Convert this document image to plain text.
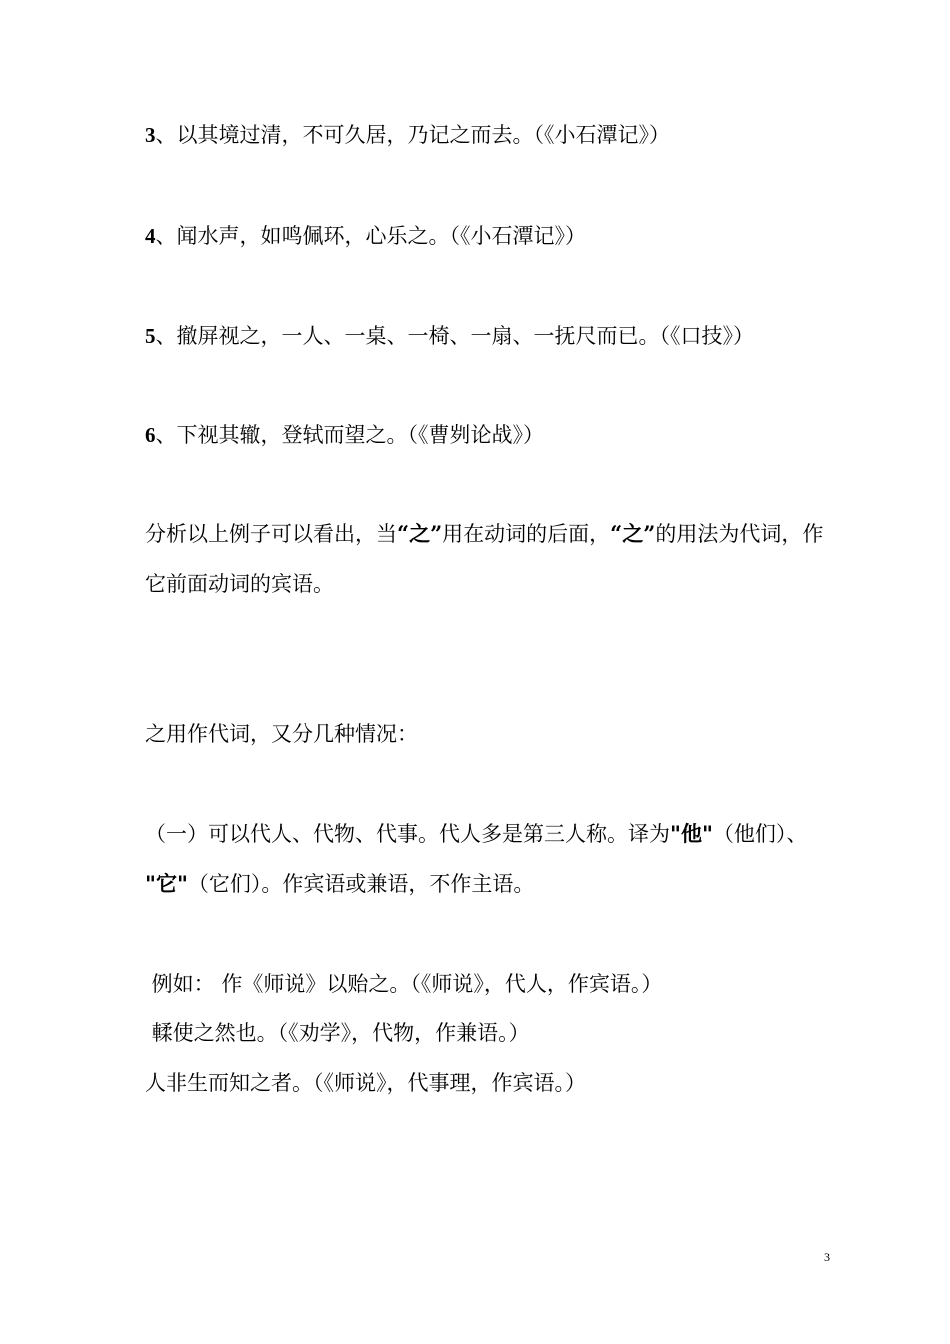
3、以其境过清，不可久居，乃记之而去。（《小石潭记》）
4、闻水声，如鸣佩环，心乐之。（《小石潭记》）
5、撤屏视之，一人、一桌、一椅、一扇、一抚尺而已。（《口技》）
6、下视其辙，登轼而望之。（《曹刿论战》）
分析以上例子可以看出，当“之”用在动词的后面，“之”的用法为代词，作
它前面动词的宾语。
之用作代词，又分几种情况：
（一）可以代人、代物、代事。代人多是第三人称。译为"他"（他们）、
"它"（它们）。作宾语或兼语，不作主语。
例如： 作《师说》以贻之。（《师说》，代人，作宾语。）
輮使之然也。（《劝学》，代物，作兼语。）
人非生而知之者。（《师说》，代事理，作宾语。）
3
